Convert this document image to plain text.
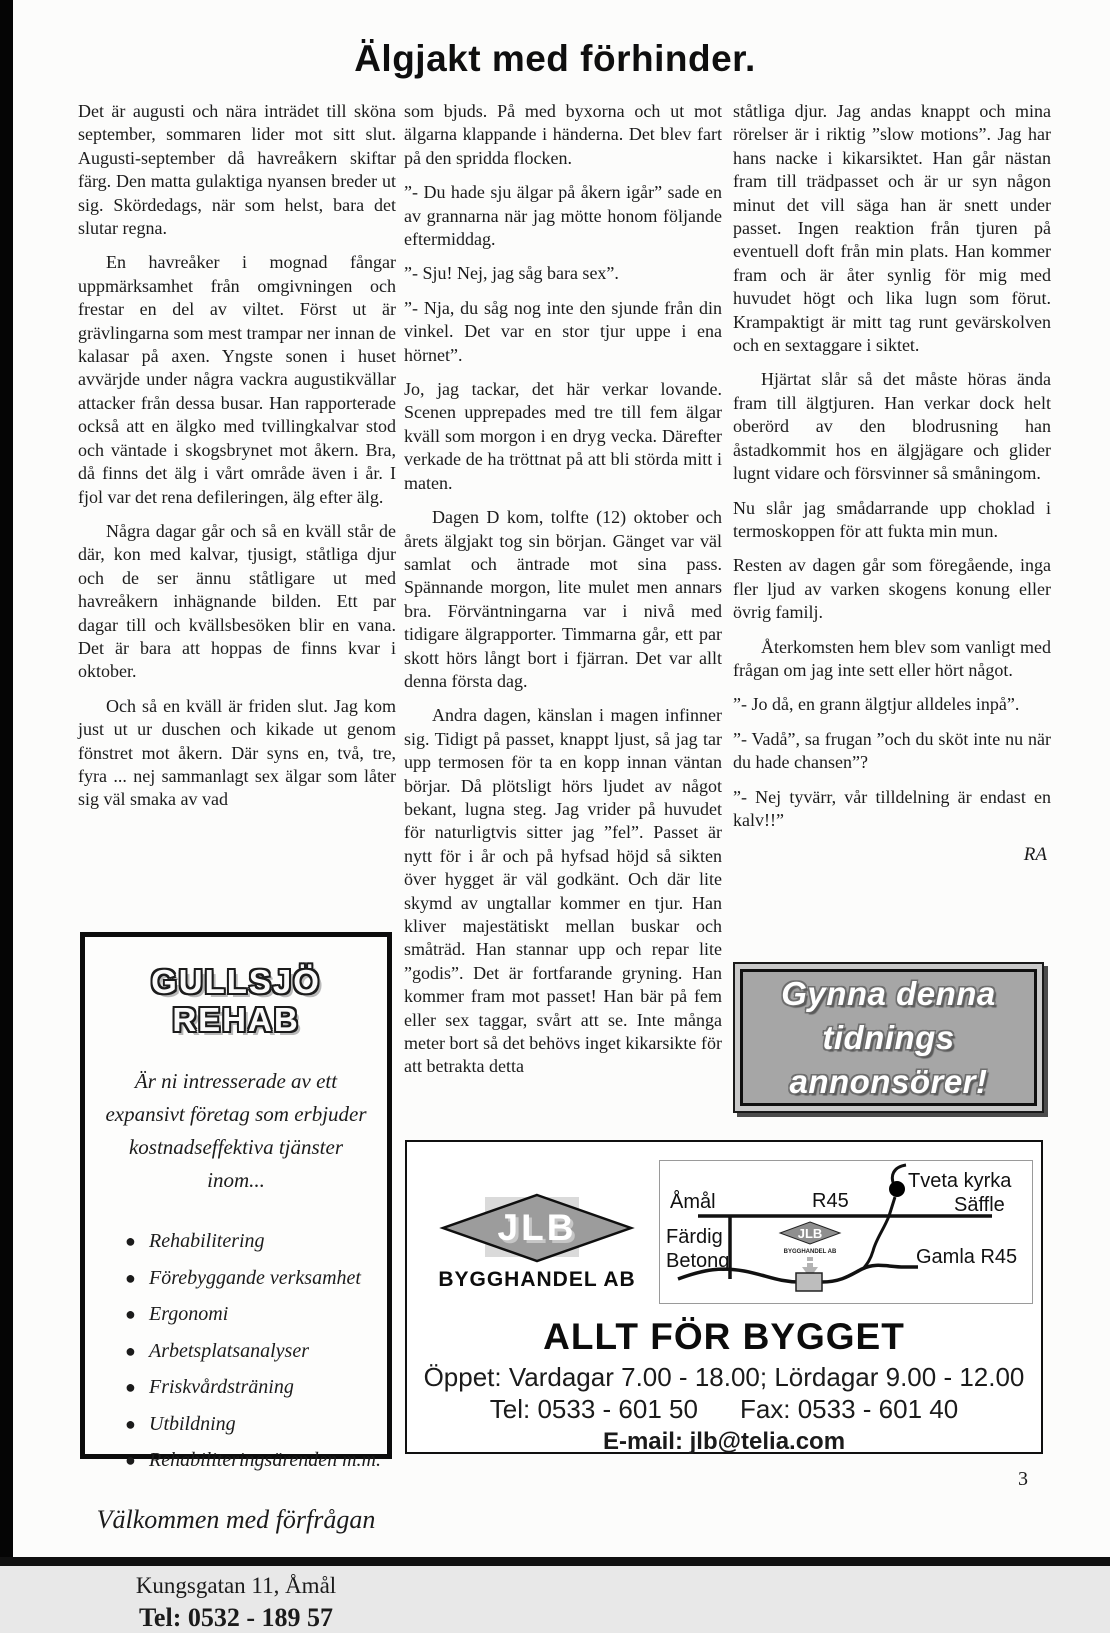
Älgjakt med förhinder.

Det är augusti och nära inträdet till sköna september, sommaren lider mot sitt slut. Augusti-september då havreåkern skiftar färg. Den matta gulaktiga nyansen breder ut sig. Skördedags, när som helst, bara det slutar regna.

En havreåker i mognad fångar uppmärksamhet från omgivningen och frestar en del av viltet. Först ut är grävlingarna som mest trampar ner innan de kalasar på axen. Yngste sonen i huset avvärjde under några vackra augustikvällar attacker från dessa busar. Han rapporterade också att en älgko med tvillingkalvar stod och väntade i skogsbrynet mot åkern. Bra, då finns det älg i vårt område även i år. I fjol var det rena defileringen, älg efter älg.

Några dagar går och så en kväll står de där, kon med kalvar, tjusigt, ståtliga djur och de ser ännu ståtligare ut med havreåkern inhägnande bilden. Ett par dagar till och kvällsbesöken blir en vana. Det är bara att hoppas de finns kvar i oktober.

Och så en kväll är friden slut. Jag kom just ut ur duschen och kikade ut genom fönstret mot åkern. Där syns en, två, tre, fyra ... nej sammanlagt sex älgar som låter sig väl smaka av vad

som bjuds. På med byxorna och ut mot älgarna klappande i händerna. Det blev fart på den spridda flocken.

”- Du hade sju älgar på åkern igår” sade en av grannarna när jag mötte honom följande eftermiddag.

”- Sju! Nej, jag såg bara sex”.

”- Nja, du såg nog inte den sjunde från din vinkel. Det var en stor tjur uppe i ena hörnet”.

Jo, jag tackar, det här verkar lovande. Scenen upprepades med tre till fem älgar kväll som morgon i en dryg vecka. Därefter verkade de ha tröttnat på att bli störda mitt i maten.

Dagen D kom, tolfte (12) oktober och årets älgjakt tog sin början. Gänget var väl samlat och äntrade mot sina pass. Spännande morgon, lite mulet men annars bra. Förväntningarna var i nivå med tidigare älgrapporter. Timmarna går, ett par skott hörs långt bort i fjärran. Det var allt denna första dag.

Andra dagen, känslan i magen infinner sig. Tidigt på passet, knappt ljust, så jag tar upp termosen för ta en kopp innan väntan börjar. Då plötsligt hörs ljudet av något bekant, lugna steg. Jag vrider på huvudet för naturligtvis sitter jag ”fel”. Passet är nytt för i år och på hyfsad höjd så sikten över hygget är väl godkänt. Och där lite skymd av ungtallar kommer en tjur. Han kliver majestätiskt mellan buskar och småträd. Han stannar upp och repar lite ”godis”. Det är fortfarande gryning. Han kommer fram mot passet! Han bär på fem eller sex taggar, svårt att se. Inte många meter bort så det behövs inget kikarsikte för att betrakta detta

ståtliga djur. Jag andas knappt och mina rörelser är i riktig ”slow motions”. Jag har hans nacke i kikarsiktet. Han går nästan fram till trädpasset och är ur syn någon minut det vill säga han är snett under passet. Ingen reaktion från tjuren på eventuell doft från min plats. Han kommer fram och är åter synlig för mig med huvudet högt och lika lugn som förut. Krampaktigt är mitt tag runt gevärskolven och en sextaggare i siktet.

Hjärtat slår så det måste höras ända fram till älgtjuren. Han verkar dock helt oberörd av den blodrusning han åstadkommit hos en älgjägare och glider lugnt vidare och försvinner så småningom.

Nu slår jag smådarrande upp choklad i termoskoppen för att fukta min mun.

Resten av dagen går som föregående, inga fler ljud av varken skogens konung eller övrig familj.

Återkomsten hem blev som vanligt med frågan om jag inte sett eller hört något.

”- Jo då, en grann älgtjur alldeles inpå”.

”- Vadå”, sa frugan ”och du sköt inte nu när du hade chansen”?

”- Nej tyvärr, vår tilldelning är endast en kalv!!”

RA
GULLSJÖ REHAB
Är ni intresserade av ett expansivt företag som erbjuder kostnadseffektiva tjänster inom...
● Rehabilitering
● Förebyggande verksamhet
● Ergonomi
● Arbetsplatsanalyser
● Friskvårdsträning
● Utbildning
● Rehabiliteringsärenden m.m.
Välkommen med förfrågan
Kungsgatan 11, Åmål
Tel: 0532 - 189 57
Gynna denna
tidnings
annonsörer!
JLB
BYGGHANDEL AB
JLB
BYGGHANDEL AB
Åmål	R45	Säffle
Tveta kyrka
Färdig Betong	Gamla R45
ALLT FÖR BYGGET
Öppet: Vardagar 7.00 - 18.00; Lördagar 9.00 - 12.00
Tel: 0533 - 601 50 Fax: 0533 - 601 40
E-mail: jlb@telia.com
3
